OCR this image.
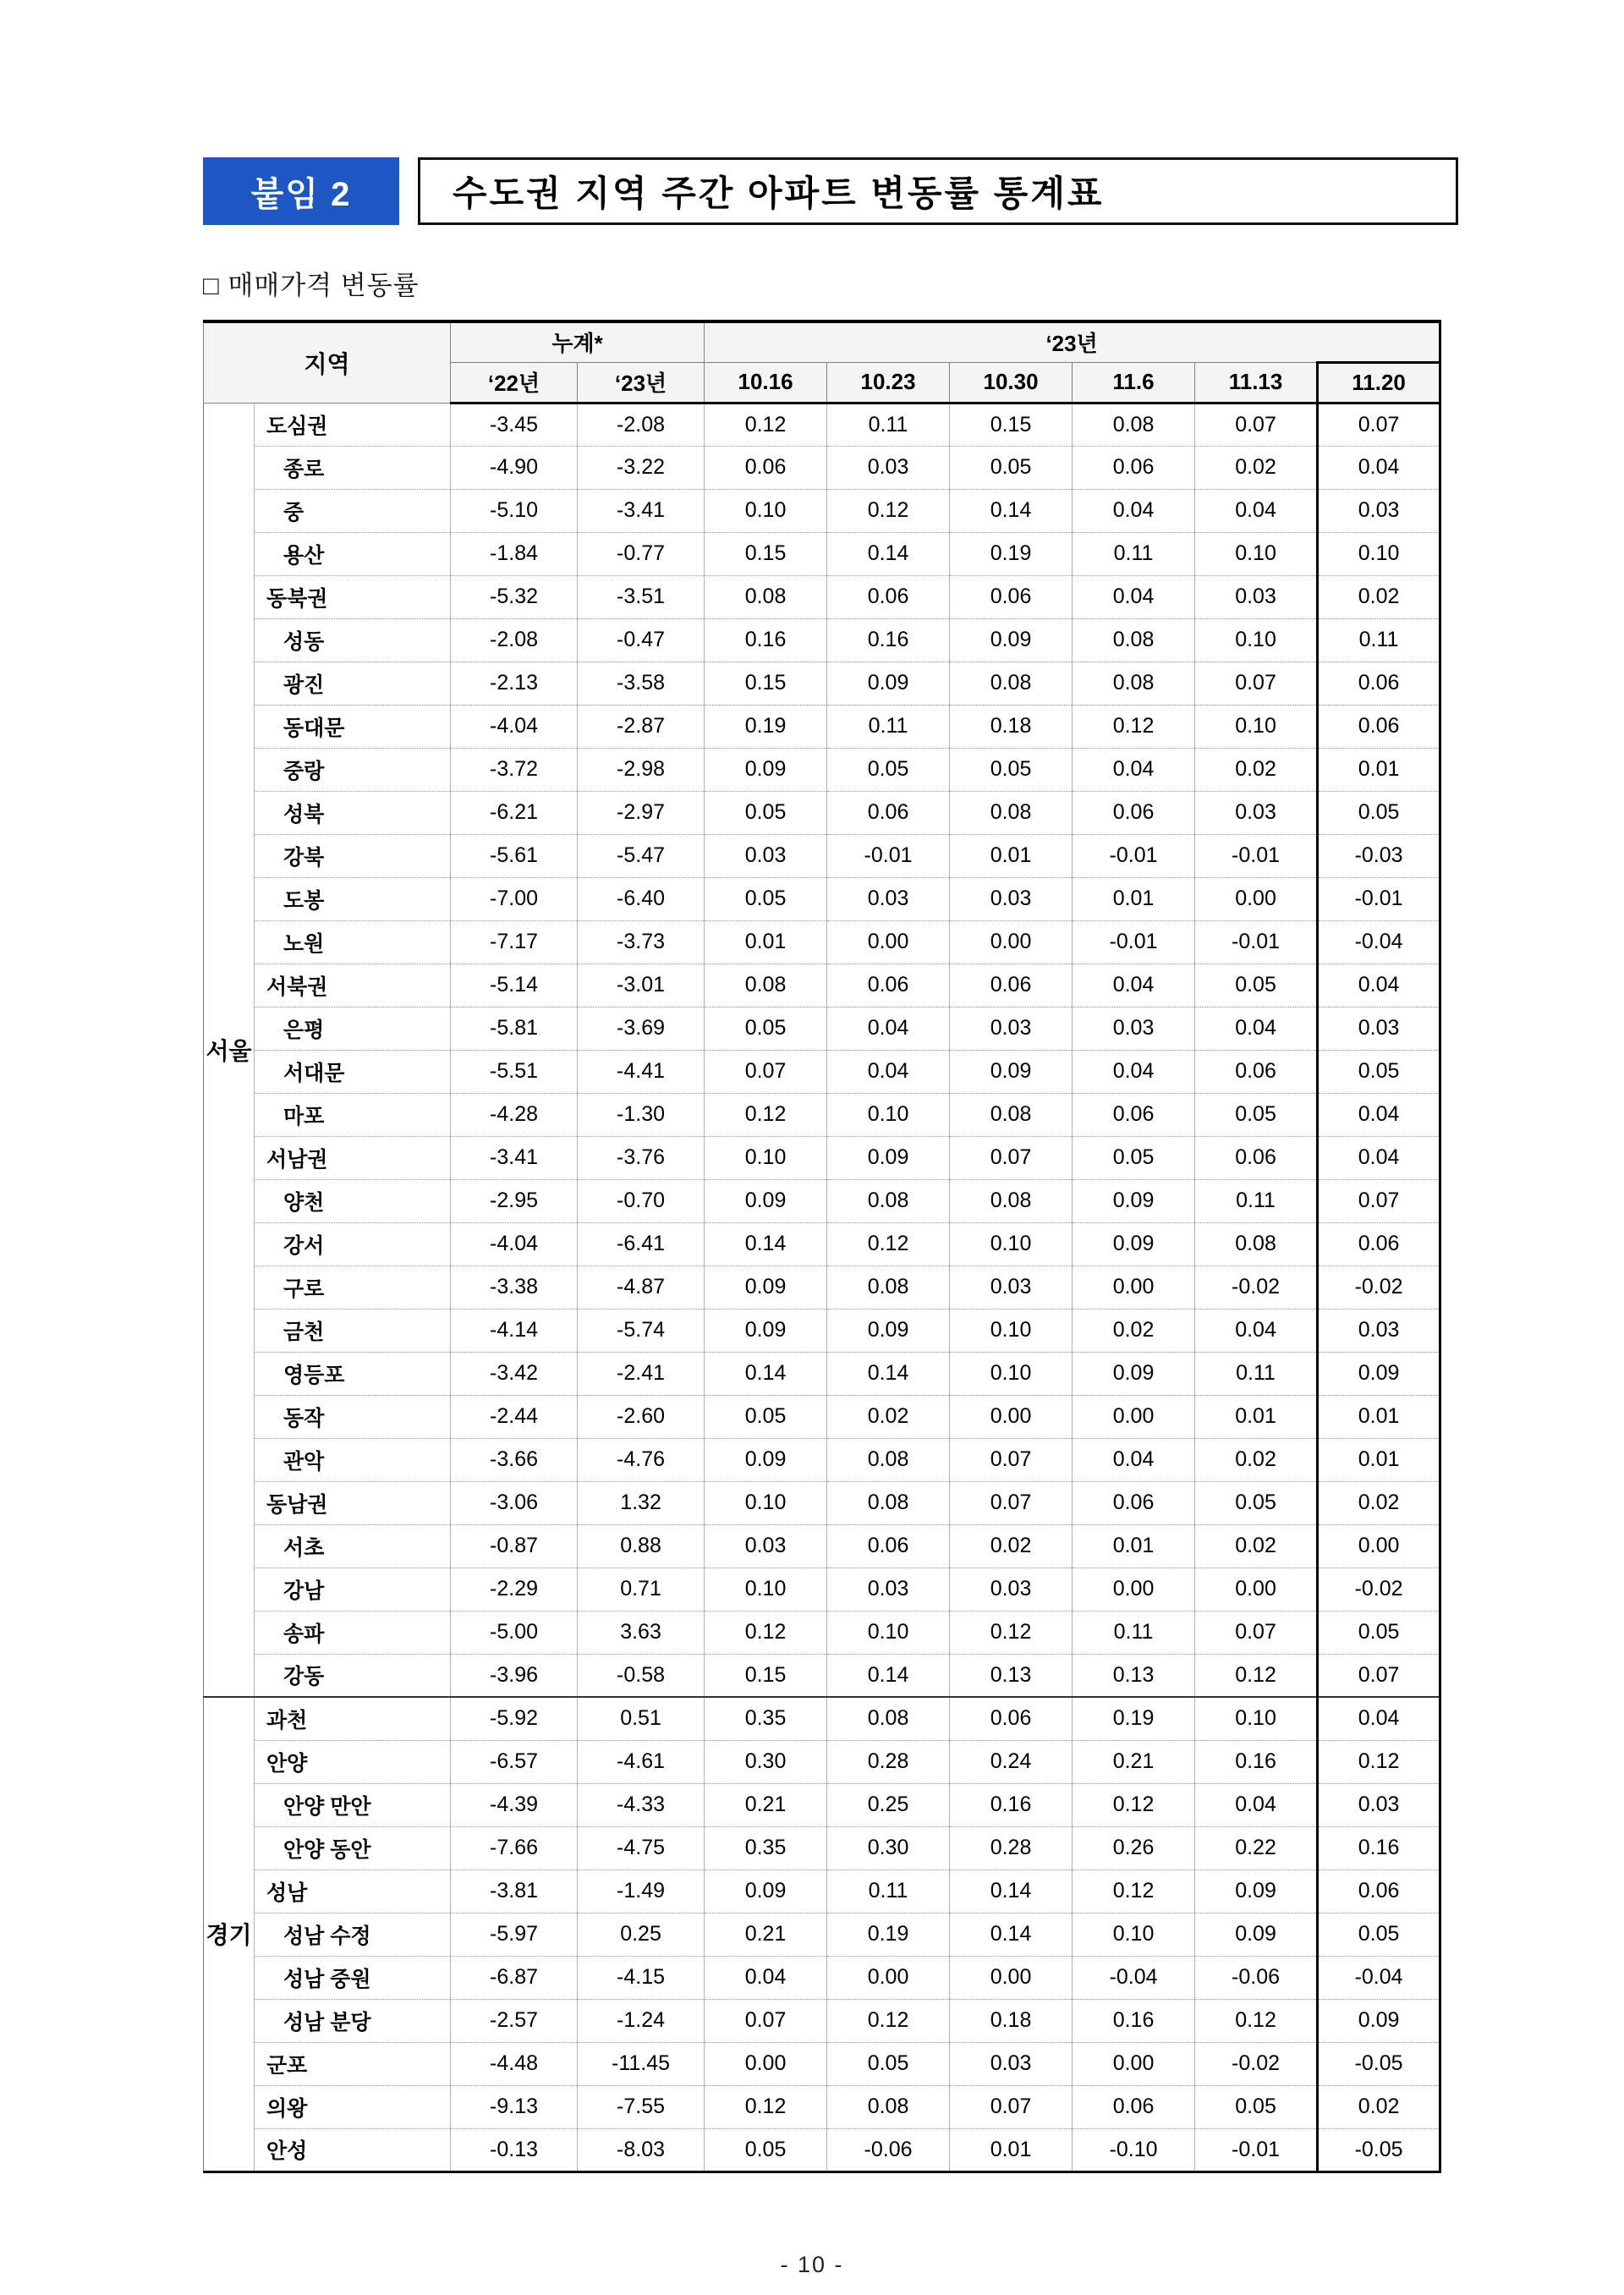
붙임 2	수도권 지역 주간 아파트 변동률 통계표
□ 매매가격 변동률
지역		누계*		‘23년					
		‘22년	‘23년	10.16	10.23	10.30	11.6	11.13	11.20
서울	도심권	-3.45	-2.08	0.12	0.11	0.15	0.08	0.07	0.07
	종로	-4.90	-3.22	0.06	0.03	0.05	0.06	0.02	0.04
	중	-5.10	-3.41	0.10	0.12	0.14	0.04	0.04	0.03
	용산	-1.84	-0.77	0.15	0.14	0.19	0.11	0.10	0.10
	동북권	-5.32	-3.51	0.08	0.06	0.06	0.04	0.03	0.02
	성동	-2.08	-0.47	0.16	0.16	0.09	0.08	0.10	0.11
	광진	-2.13	-3.58	0.15	0.09	0.08	0.08	0.07	0.06
	동대문	-4.04	-2.87	0.19	0.11	0.18	0.12	0.10	0.06
	중랑	-3.72	-2.98	0.09	0.05	0.05	0.04	0.02	0.01
	성북	-6.21	-2.97	0.05	0.06	0.08	0.06	0.03	0.05
	강북	-5.61	-5.47	0.03	-0.01	0.01	-0.01	-0.01	-0.03
	도봉	-7.00	-6.40	0.05	0.03	0.03	0.01	0.00	-0.01
	노원	-7.17	-3.73	0.01	0.00	0.00	-0.01	-0.01	-0.04
	서북권	-5.14	-3.01	0.08	0.06	0.06	0.04	0.05	0.04
	은평	-5.81	-3.69	0.05	0.04	0.03	0.03	0.04	0.03
	서대문	-5.51	-4.41	0.07	0.04	0.09	0.04	0.06	0.05
	마포	-4.28	-1.30	0.12	0.10	0.08	0.06	0.05	0.04
	서남권	-3.41	-3.76	0.10	0.09	0.07	0.05	0.06	0.04
	양천	-2.95	-0.70	0.09	0.08	0.08	0.09	0.11	0.07
	강서	-4.04	-6.41	0.14	0.12	0.10	0.09	0.08	0.06
	구로	-3.38	-4.87	0.09	0.08	0.03	0.00	-0.02	-0.02
	금천	-4.14	-5.74	0.09	0.09	0.10	0.02	0.04	0.03
	영등포	-3.42	-2.41	0.14	0.14	0.10	0.09	0.11	0.09
	동작	-2.44	-2.60	0.05	0.02	0.00	0.00	0.01	0.01
	관악	-3.66	-4.76	0.09	0.08	0.07	0.04	0.02	0.01
	동남권	-3.06	1.32	0.10	0.08	0.07	0.06	0.05	0.02
	서초	-0.87	0.88	0.03	0.06	0.02	0.01	0.02	0.00
	강남	-2.29	0.71	0.10	0.03	0.03	0.00	0.00	-0.02
	송파	-5.00	3.63	0.12	0.10	0.12	0.11	0.07	0.05
	강동	-3.96	-0.58	0.15	0.14	0.13	0.13	0.12	0.07
경기	과천	-5.92	0.51	0.35	0.08	0.06	0.19	0.10	0.04
	안양	-6.57	-4.61	0.30	0.28	0.24	0.21	0.16	0.12
	안양 만안	-4.39	-4.33	0.21	0.25	0.16	0.12	0.04	0.03
	안양 동안	-7.66	-4.75	0.35	0.30	0.28	0.26	0.22	0.16
	성남	-3.81	-1.49	0.09	0.11	0.14	0.12	0.09	0.06
	성남 수정	-5.97	0.25	0.21	0.19	0.14	0.10	0.09	0.05
	성남 중원	-6.87	-4.15	0.04	0.00	0.00	-0.04	-0.06	-0.04
	성남 분당	-2.57	-1.24	0.07	0.12	0.18	0.16	0.12	0.09
	군포	-4.48	-11.45	0.00	0.05	0.03	0.00	-0.02	-0.05
	의왕	-9.13	-7.55	0.12	0.08	0.07	0.06	0.05	0.02
	안성	-0.13	-8.03	0.05	-0.06	0.01	-0.10	-0.01	-0.05
- 10 -
